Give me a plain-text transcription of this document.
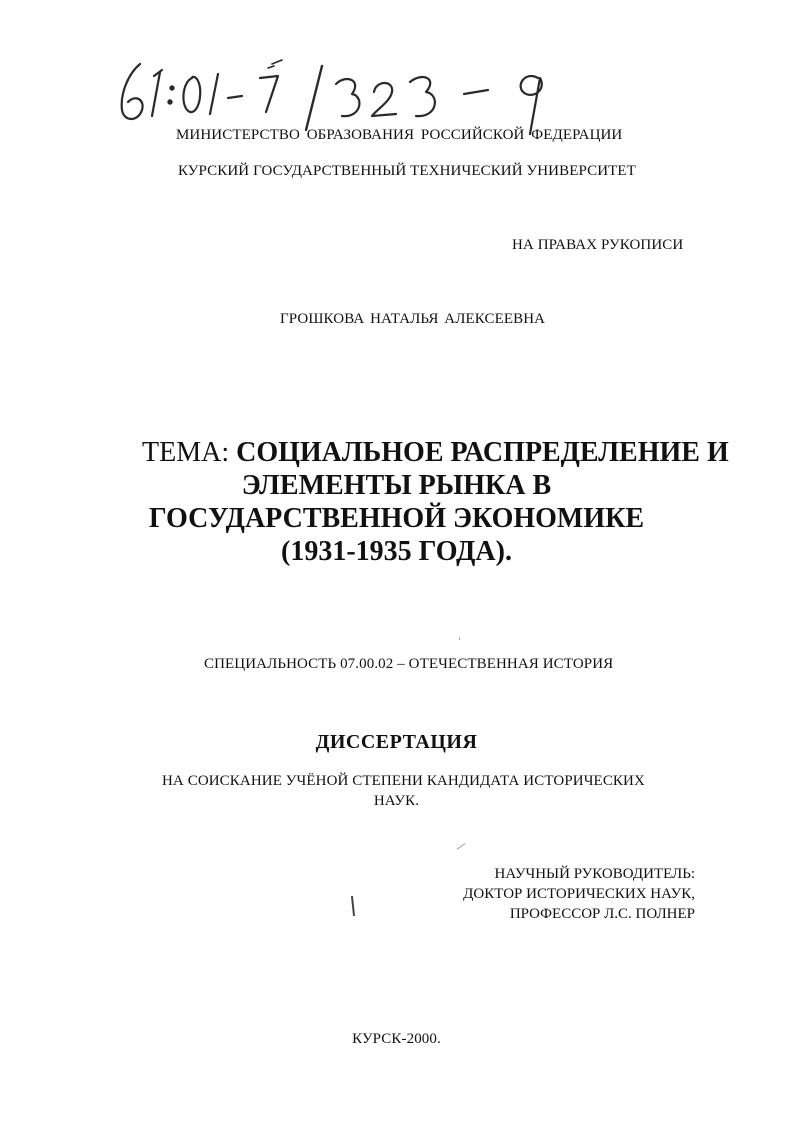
МИНИСТЕРСТВО ОБРАЗОВАНИЯ РОССИЙСКОЙ ФЕДЕРАЦИИ
КУРСКИЙ ГОСУДАРСТВЕННЫЙ ТЕХНИЧЕСКИЙ УНИВЕРСИТЕТ
НА ПРАВАХ РУКОПИСИ
ГРОШКОВА НАТАЛЬЯ АЛЕКСЕЕВНА
ТЕМА: СОЦИАЛЬНОЕ РАСПРЕДЕЛЕНИЕ И
ЭЛЕМЕНТЫ РЫНКА В
ГОСУДАРСТВЕННОЙ ЭКОНОМИКЕ
(1931-1935 ГОДА).
СПЕЦИАЛЬНОСТЬ 07.00.02 – ОТЕЧЕСТВЕННАЯ ИСТОРИЯ
ДИССЕРТАЦИЯ
НА СОИСКАНИЕ УЧЁНОЙ СТЕПЕНИ КАНДИДАТА ИСТОРИЧЕСКИХ
НАУК.
НАУЧНЫЙ РУКОВОДИТЕЛЬ:
ДОКТОР ИСТОРИЧЕСКИХ НАУК,
ПРОФЕССОР Л.С. ПОЛНЕР
КУРСК-2000.
